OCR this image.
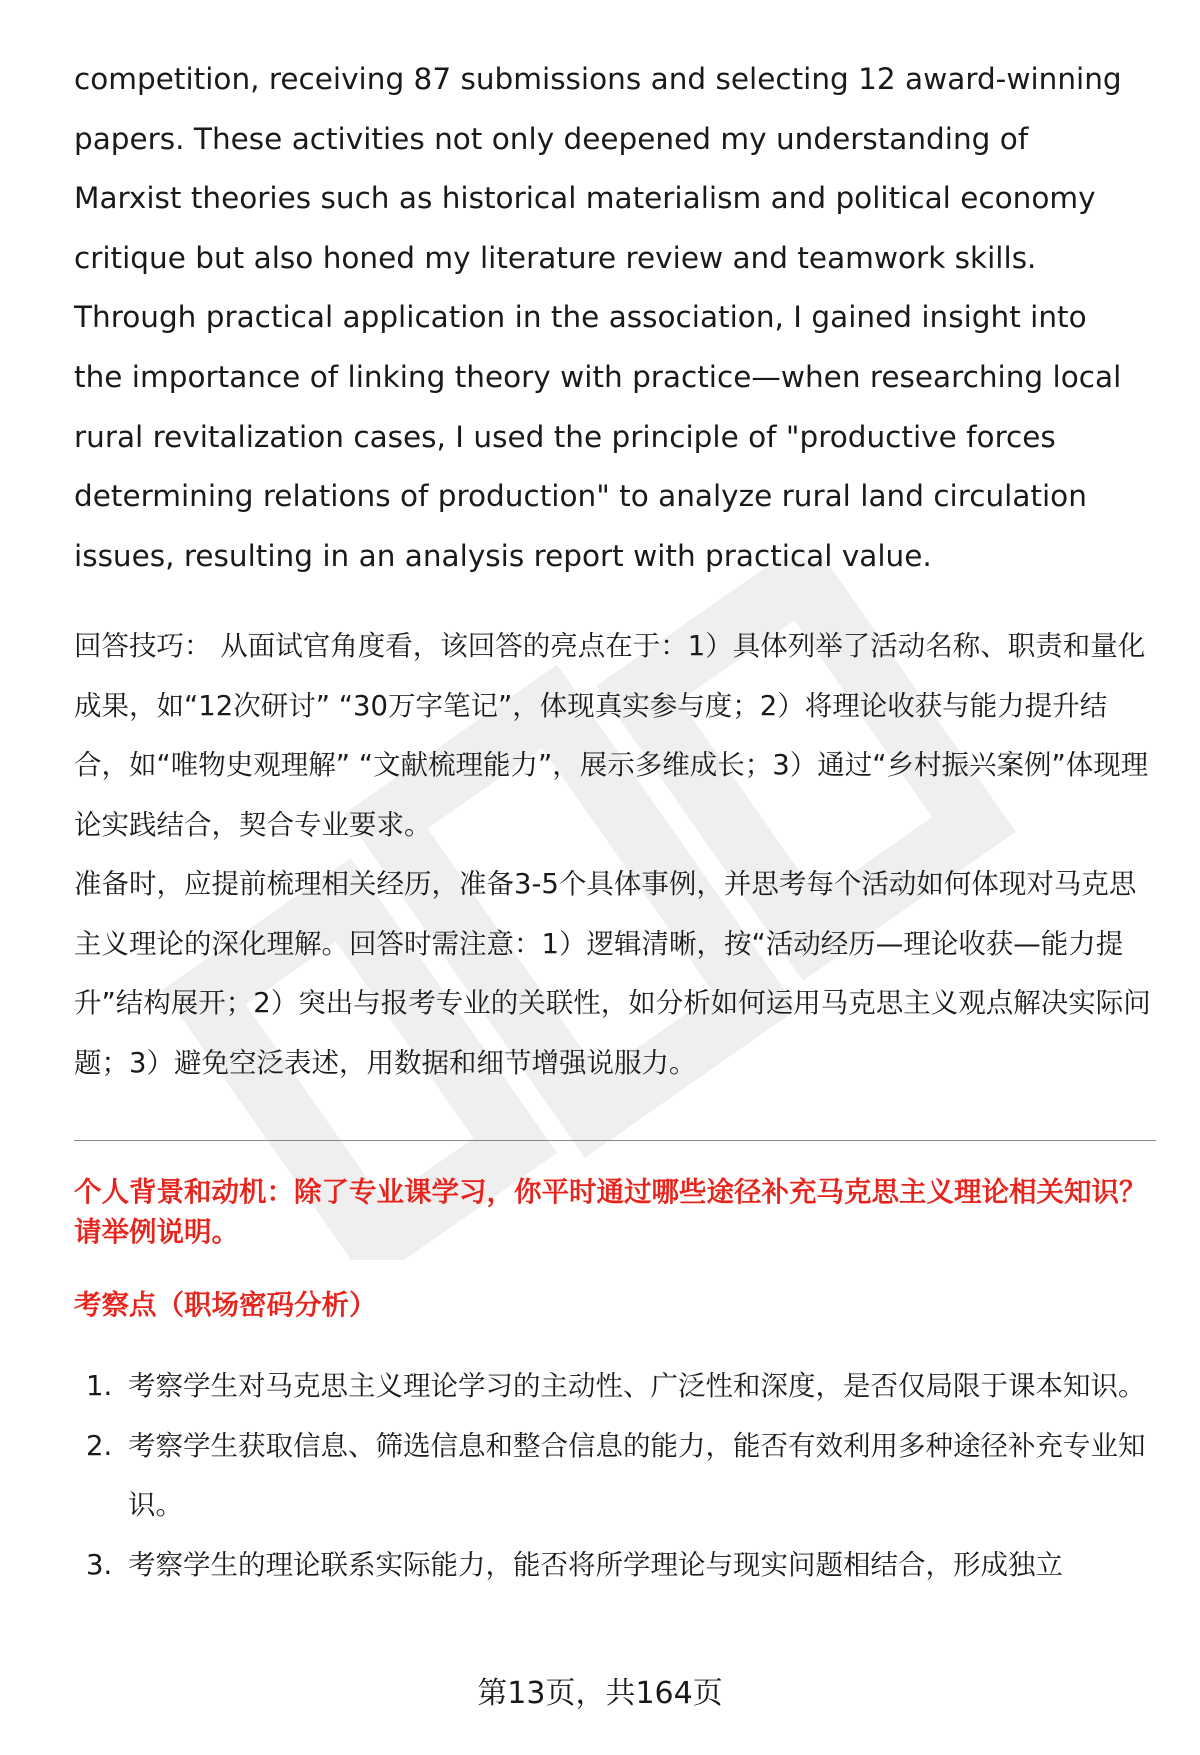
competition, receiving 87 submissions and selecting 12 award-winning papers. These activities not only deepened my understanding of Marxist theories such as historical materialism and political economy critique but also honed my literature review and teamwork skills. Through practical application in the association, I gained insight into the importance of linking theory with practice—when researching local rural revitalization cases, I used the principle of "productive forces determining relations of production" to analyze rural land circulation issues, resulting in an analysis report with practical value.

回答技巧： 从面试官角度看，该回答的亮点在于：1）具体列举了活动名称、职责和量化成果，如“12次研讨” “30万字笔记”，体现真实参与度；2）将理论收获与能力提升结合，如“唯物史观理解” “文献梳理能力”，展示多维成长；3）通过“乡村振兴案例”体现理论实践结合，契合专业要求。

准备时，应提前梳理相关经历，准备3-5个具体事例，并思考每个活动如何体现对马克思主义理论的深化理解。回答时需注意：1）逻辑清晰，按“活动经历—理论收获—能力提升”结构展开；2）突出与报考专业的关联性，如分析如何运用马克思主义观点解决实际问题；3）避免空泛表述，用数据和细节增强说服力。

个人背景和动机：除了专业课学习，你平时通过哪些途径补充马克思主义理论相关知识？请举例说明。

考察点（职场密码分析）

1. 考察学生对马克思主义理论学习的主动性、广泛性和深度，是否仅局限于课本知识。
2. 考察学生获取信息、筛选信息和整合信息的能力，能否有效利用多种途径补充专业知识。
3. 考察学生的理论联系实际能力，能否将所学理论与现实问题相结合，形成独立
第13页，共164页
